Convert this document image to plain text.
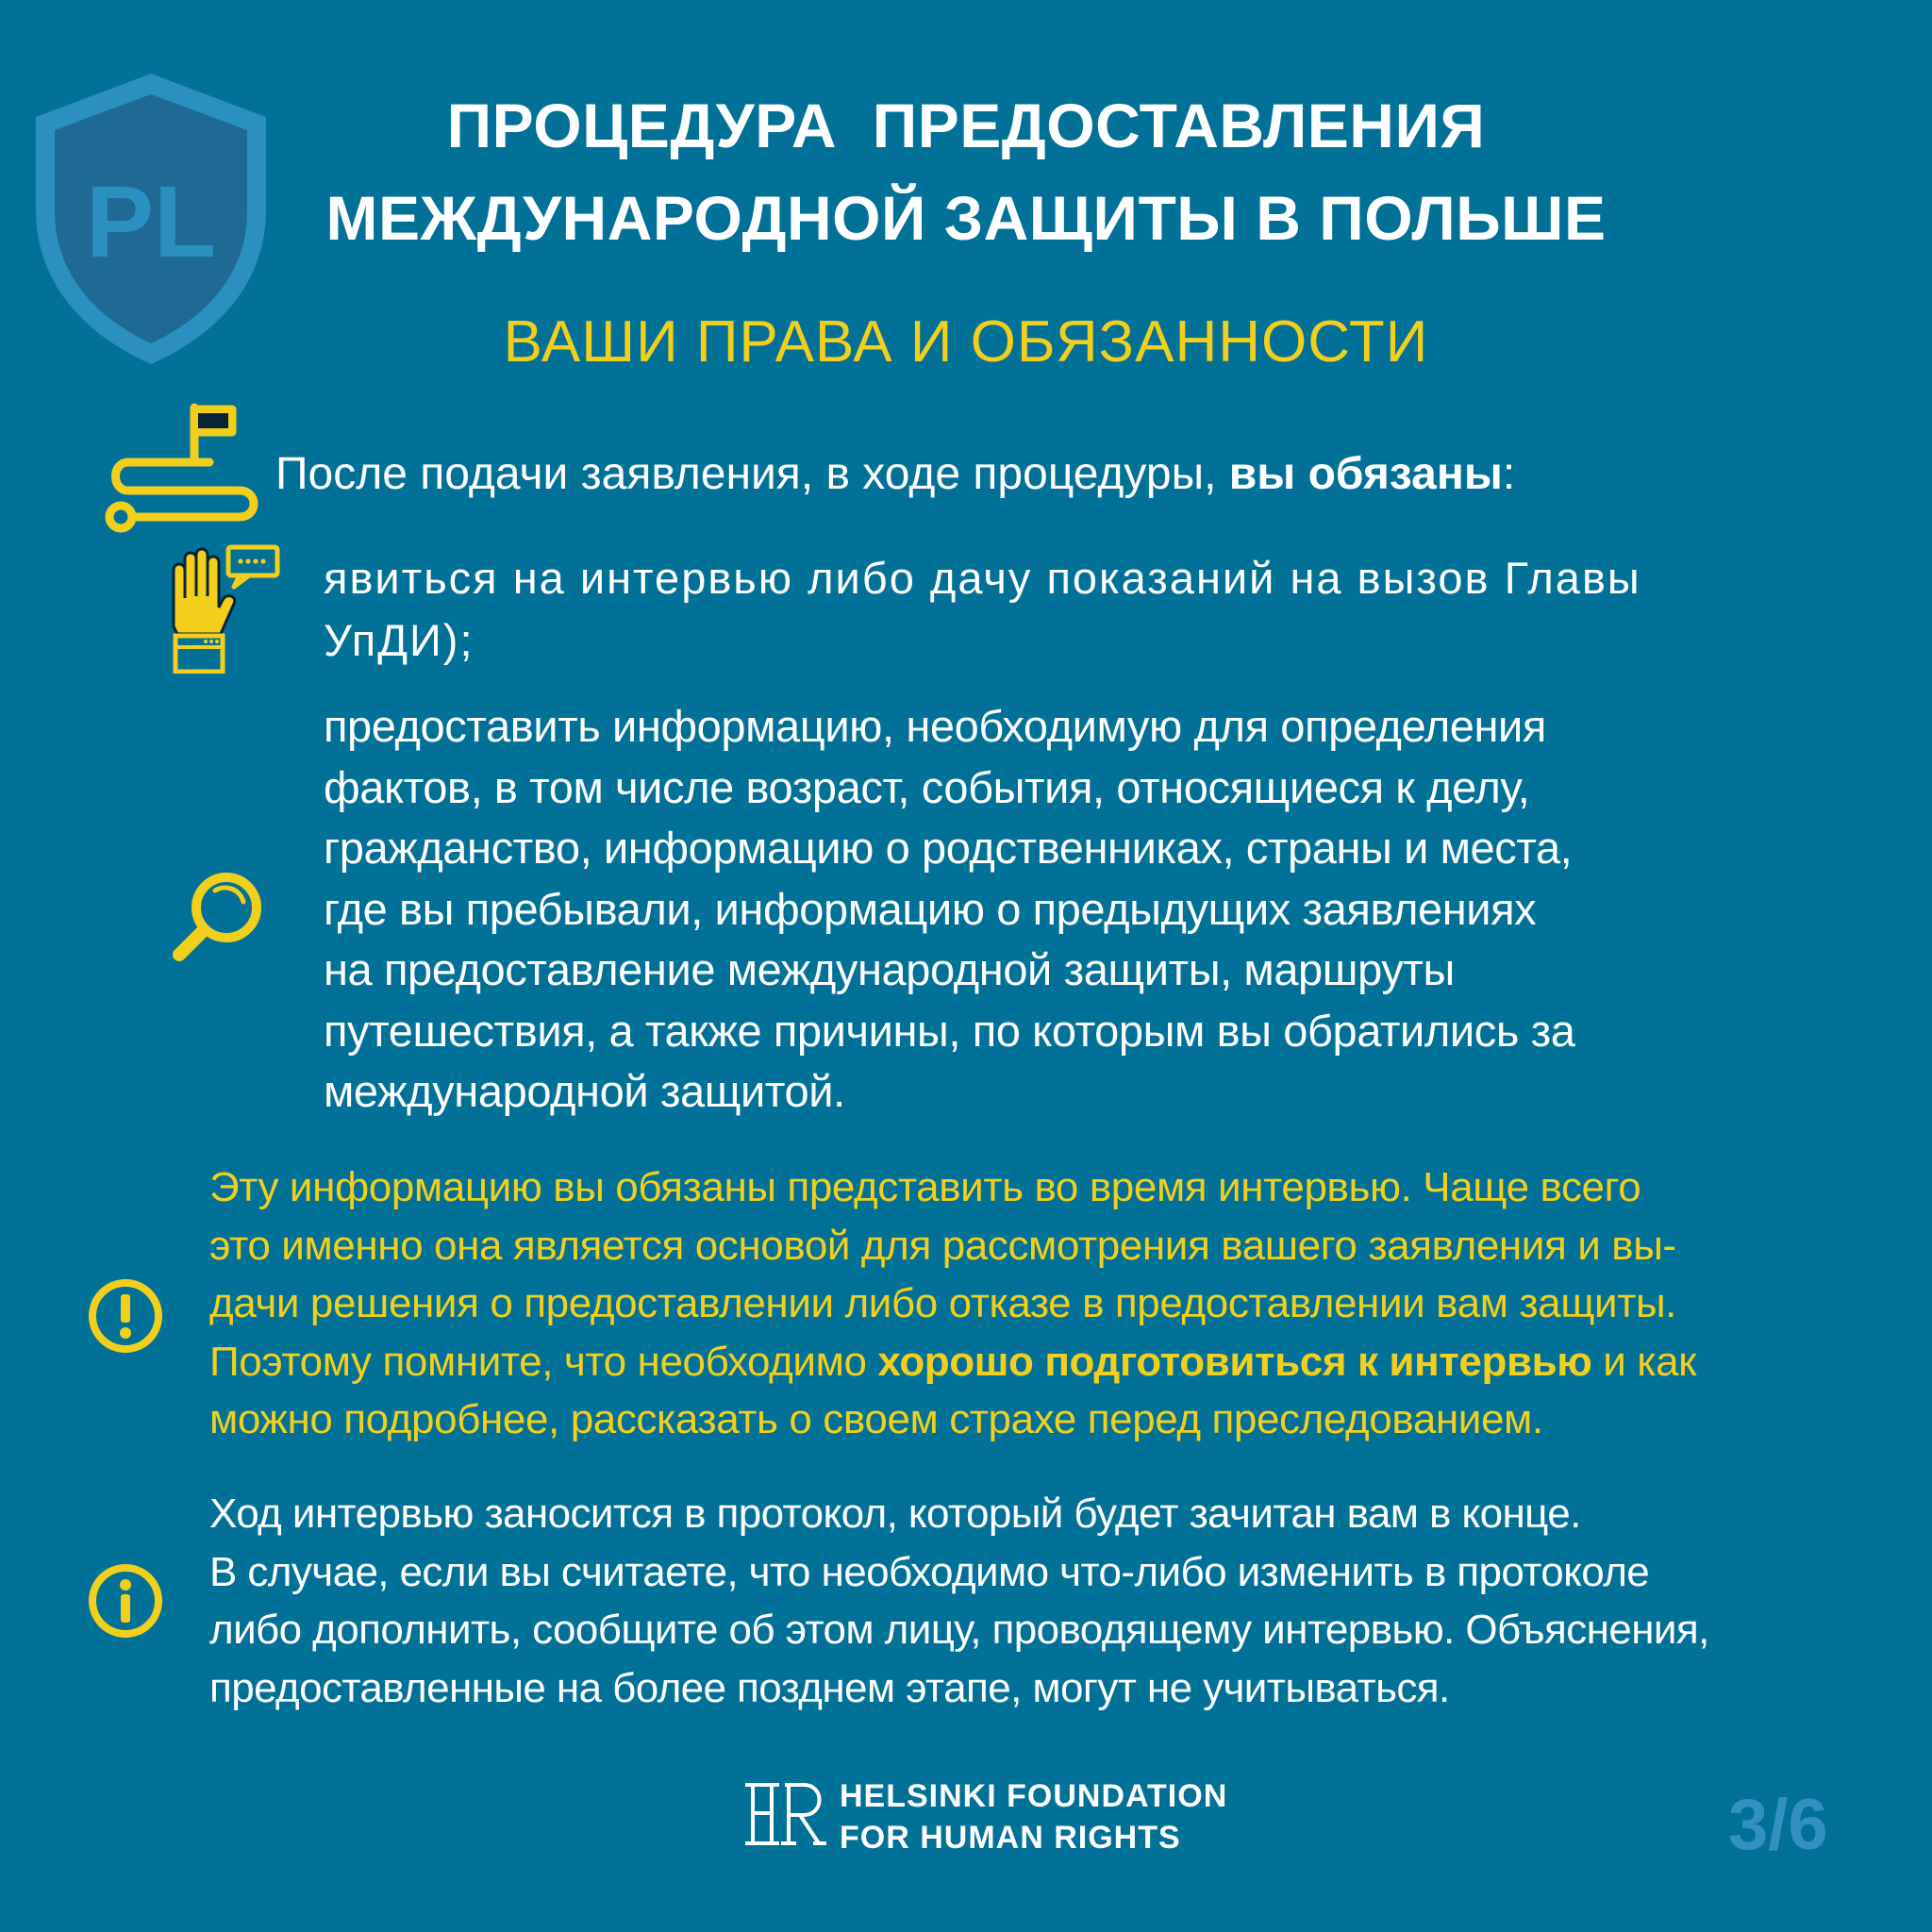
PL
ПРОЦЕДУРА  ПРЕДОСТАВЛЕНИЯ
МЕЖДУНАРОДНОЙ ЗАЩИТЫ В ПОЛЬШЕ
ВАШИ ПРАВА И ОБЯЗАННОСТИ
После подачи заявления, в ходе процедуры, вы обязаны:
явиться на интервью либо дачу показаний на вызов Главы
УпДИ);
предоставить информацию, необходимую для определения
фактов, в том числе возраст, события, относящиеся к делу,
гражданство, информацию о родственниках, страны и места,
где вы пребывали, информацию о предыдущих заявлениях
на предоставление международной защиты, маршруты
путешествия, а также причины, по которым вы обратились за
международной защитой.
Эту информацию вы обязаны представить во время интервью. Чаще всего
это именно она является основой для рассмотрения вашего заявления и вы-
дачи решения о предоставлении либо отказе в предоставлении вам защиты.
Поэтому помните, что необходимо хорошо подготовиться к интервью и как
можно подробнее, рассказать о своем страхе перед преследованием.
Ход интервью заносится в протокол, который будет зачитан вам в конце.
В случае, если вы считаете, что необходимо что-либо изменить в протоколе
либо дополнить, сообщите об этом лицу, проводящему интервью. Объяснения,
предоставленные на более позднем этапе, могут не учитываться.
HELSINKI FOUNDATION
FOR HUMAN RIGHTS	3/6
